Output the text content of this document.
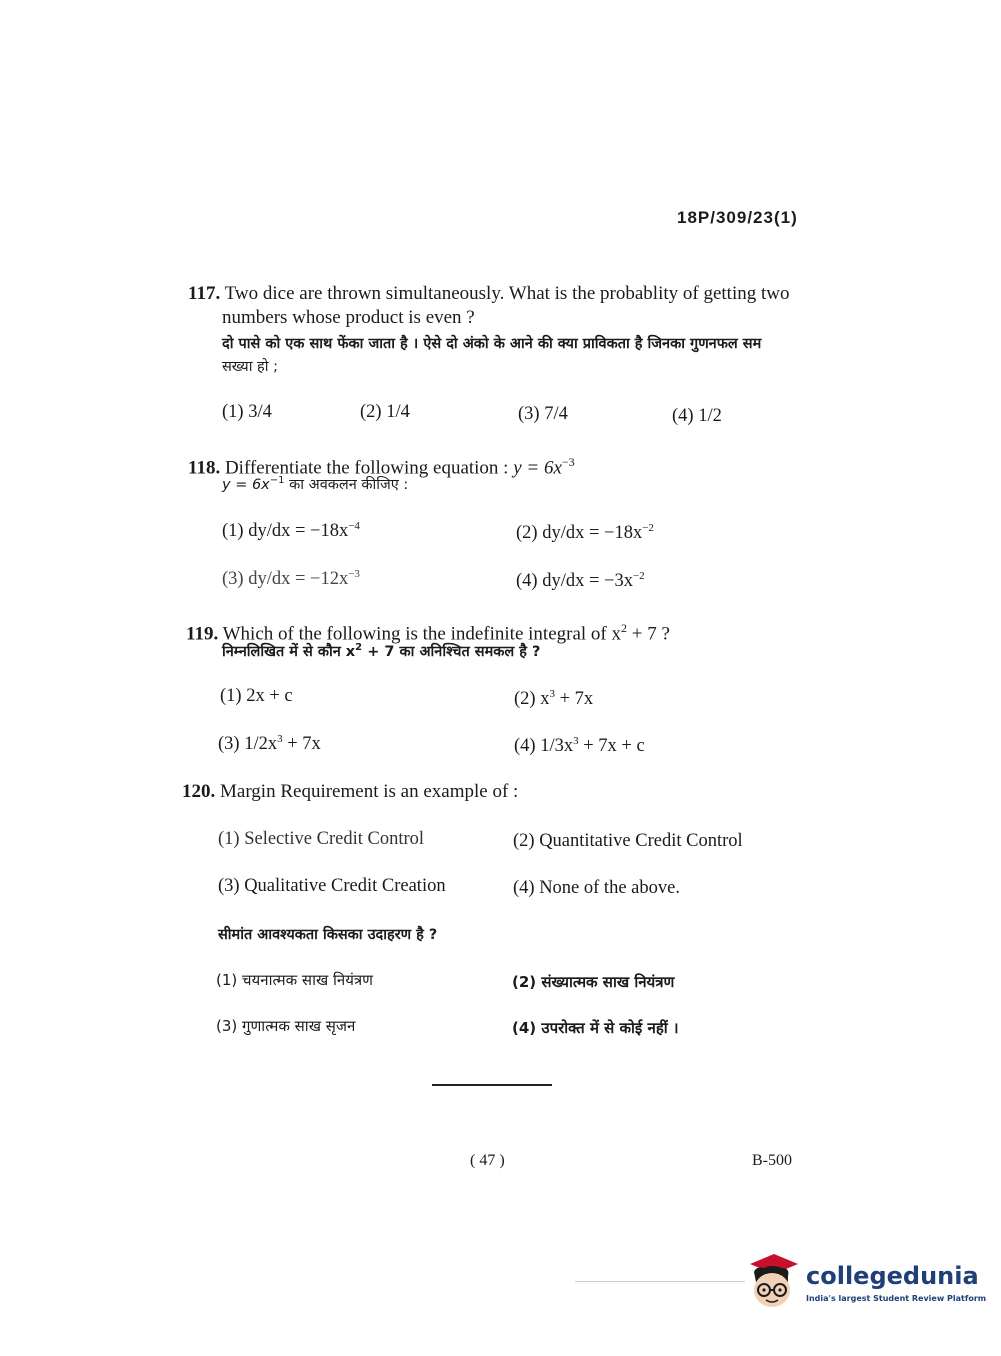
18P/309/23(1)
117. Two dice are thrown simultaneously. What is the probablity of getting two
numbers whose product is even ?
दो पासे को एक साथ फेंका जाता है । ऐसे दो अंको के आने की क्या प्राविकता है जिनका गुणनफल सम
सख्या हो ;
(1) 3/4	(2) 1/4	(3) 7/4	(4) 1/2
118. Differentiate the following equation : $y = 6x^{-3}$
$y = 6x^{-1}$ का अवकलन कीजिए :
(1) $dy/dx = -18x^{-4}$	(2) $dy/dx = -18x^{-2}$
(3) $dy/dx = -12x^{-3}$	(4) $dy/dx = -3x^{-2}$
119. Which of the following is the indefinite integral of $x^2 + 7$ ?
निम्नलिखित में से कौन $x^2 + 7$ का अनिश्चित समकल है ?
(1) 2x + c	(2) $x^3 + 7x$
(3) $1/2x^3 + 7x$	(4) $1/3x^3 + 7x + c$
120. Margin Requirement is an example of :
(1) Selective Credit Control	(2) Quantitative Credit Control
(3) Qualitative Credit Creation	(4) None of the above.
सीमांत आवश्यकता किसका उदाहरण है ?
(1) चयनात्मक साख नियंत्रण	(2) संख्यात्मक साख नियंत्रण
(3) गुणात्मक साख सृजन	(4) उपरोक्त में से कोई नहीं ।
( 47 )	B-500
collegedunia
India's largest Student Review Platform
